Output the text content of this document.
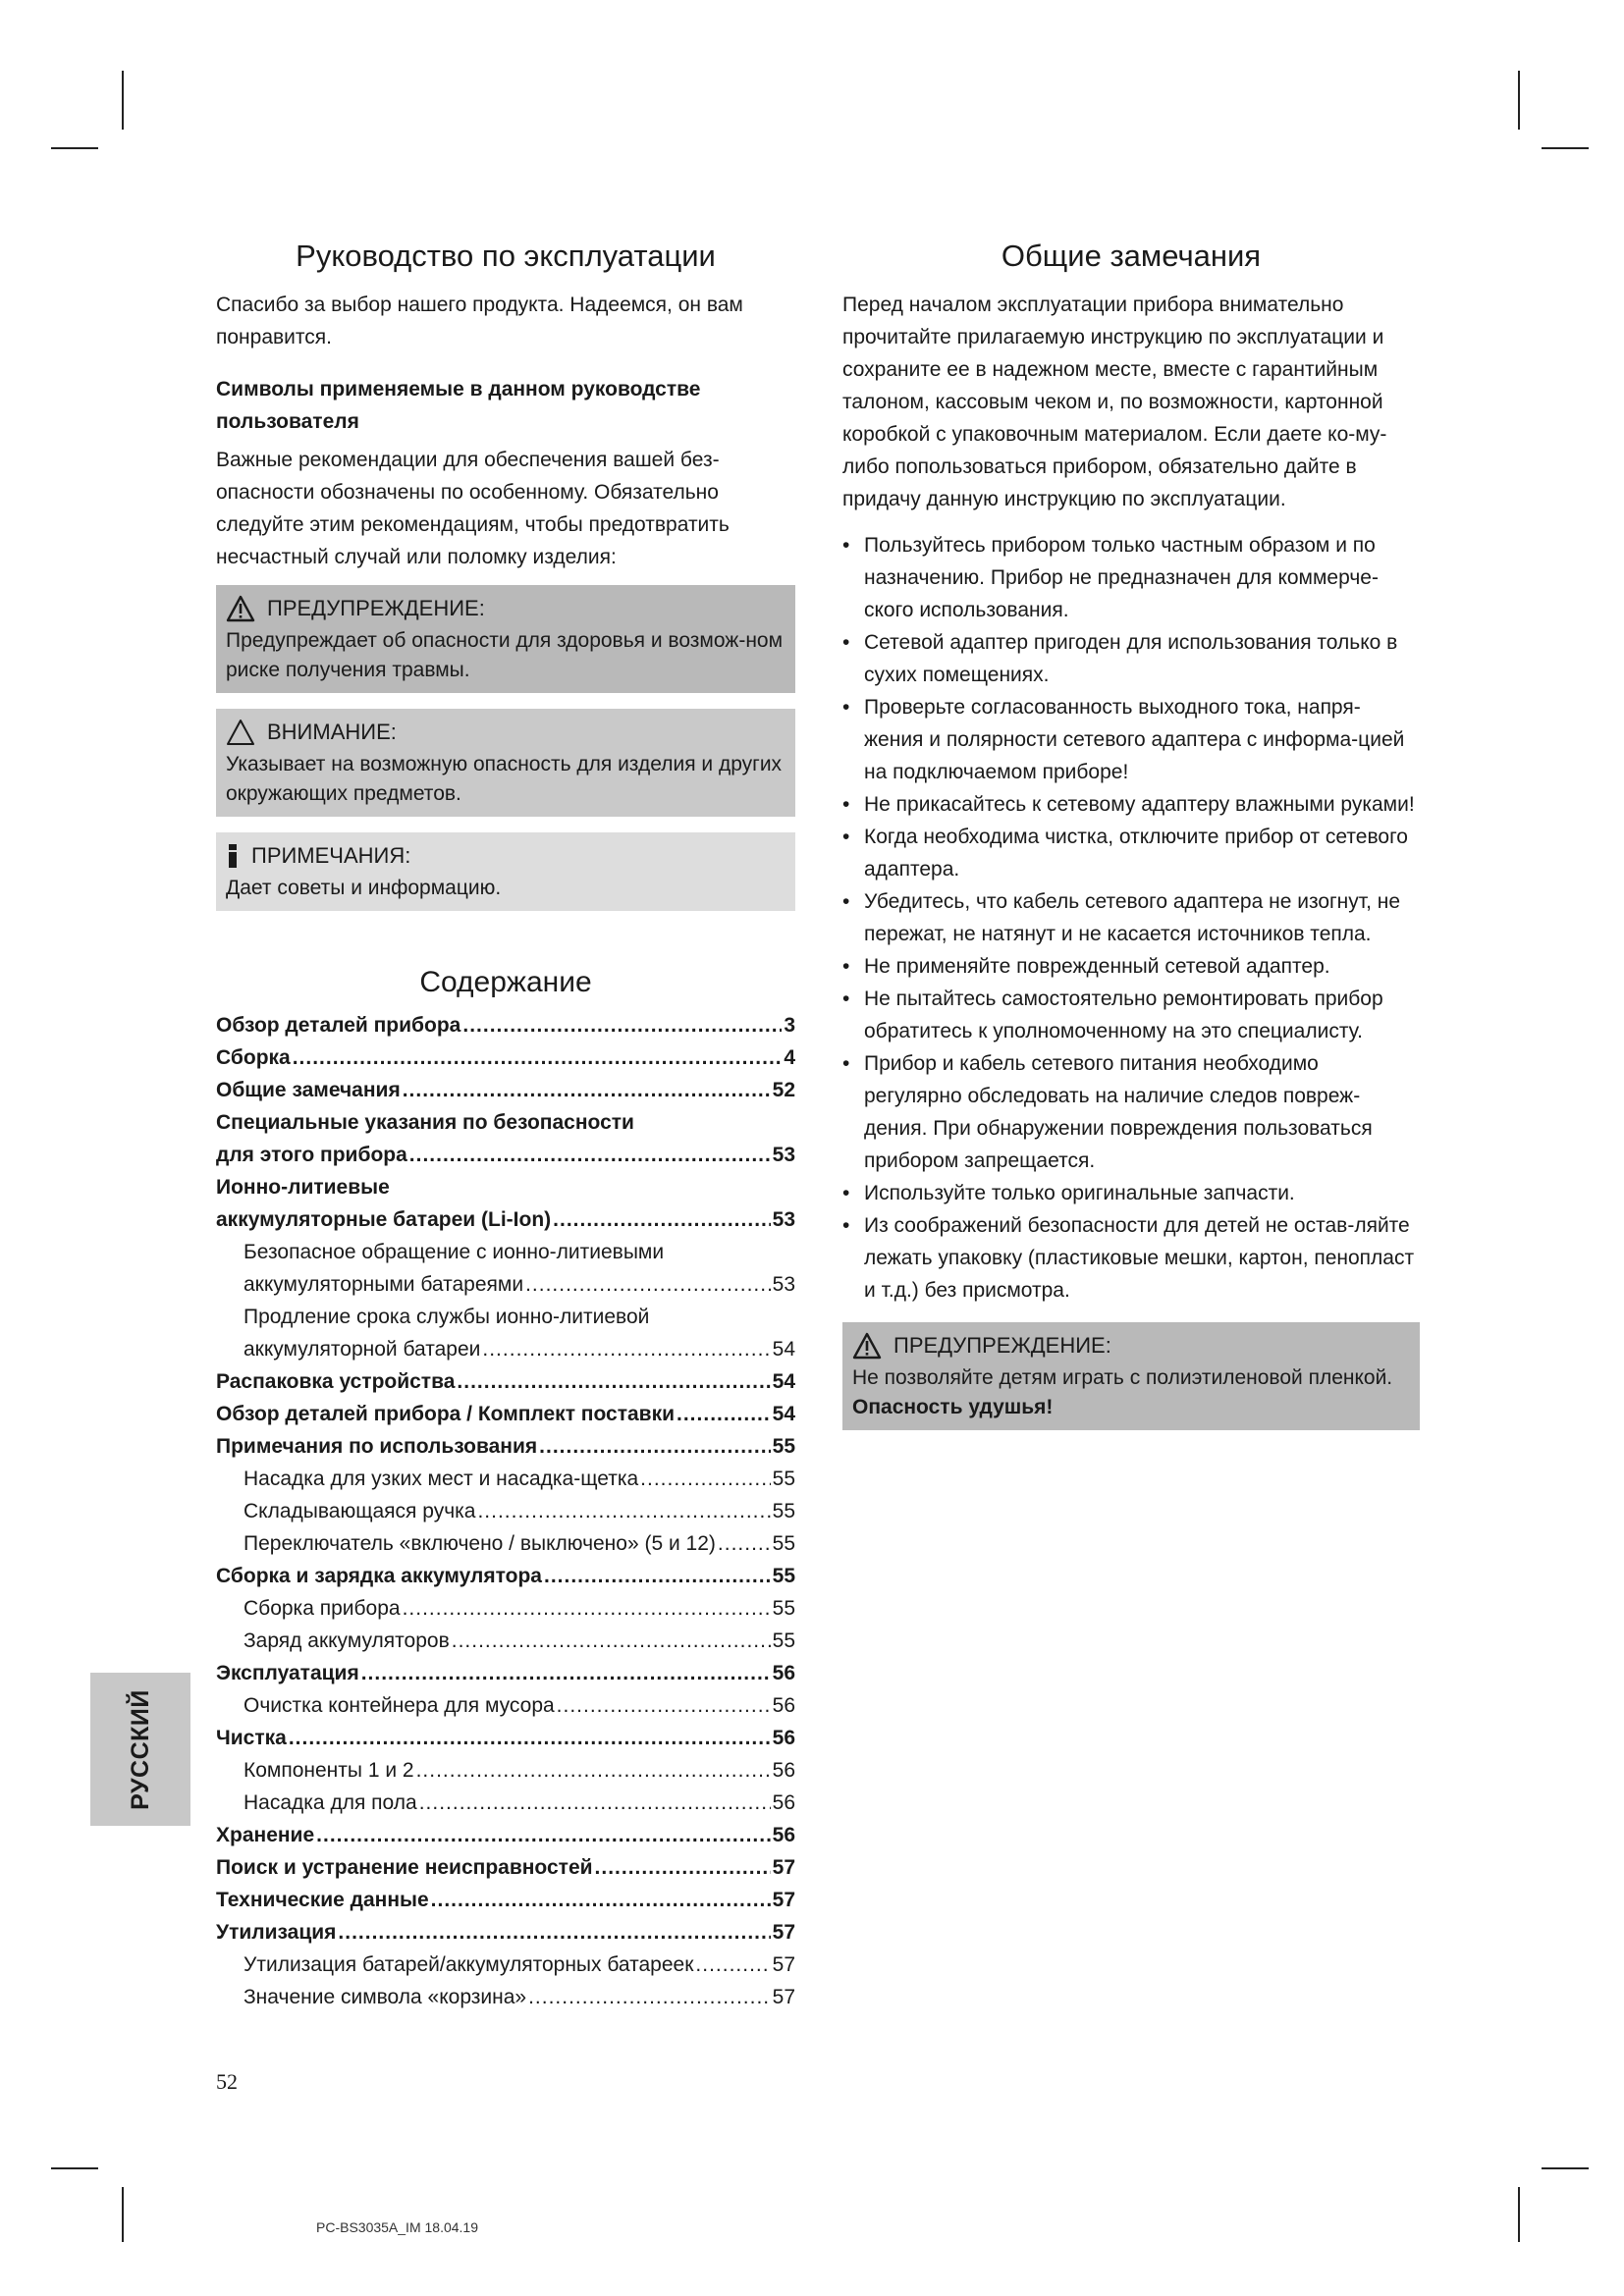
Руководство по эксплуатации

Спасибо за выбор нашего продукта. Надеемся, он вам понравится.

Символы применяемые в данном руководстве пользователя

Важные рекомендации для обеспечения вашей без-опасности обозначены по особенному. Обязательно следуйте этим рекомендациям, чтобы предотвратить несчастный случай или поломку изделия:

ПРЕДУПРЕЖДЕНИЕ:
Предупреждает об опасности для здоровья и возмож-ном риске получения травмы.
ВНИМАНИЕ:
Указывает на возможную опасность для изделия и других окружающих предметов.
ПРИМЕЧАНИЯ:
Дает советы и информацию.
Содержание
Обзор деталей прибора .....	3
Сборка .....	4
Общие замечания .....	52
Специальные указания по безопасности
для этого прибора .....	53
Ионно-литиевые
аккумуляторные батареи (Li-Ion) .....	53
Безопасное обращение с ионно-литиевыми
аккумуляторными батареями .....	53
Продление срока службы ионно-литиевой
аккумуляторной батареи .....	54
Распаковка устройства .....	54
Обзор деталей прибора / Комплект поставки .....	54
Примечания по использования .....	55
Насадка для узких мест и насадка-щетка .....	55
Складывающаяся ручка .....	55
Переключатель «включено / выключено» (5 и 12) .....	55
Сборка и зарядка аккумулятора .....	55
Сборка прибора .....	55
Заряд аккумуляторов .....	55
Эксплуатация .....	56
Очистка контейнера для мусора .....	56
Чистка .....	56
Компоненты 1 и 2 .....	56
Насадка для пола .....	56
Хранение .....	56
Поиск и устранение неисправностей .....	57
Технические данные .....	57
Утилизация .....	57
Утилизация батарей/аккумуляторных батареек .....	57
Значение символа «корзина» .....	57
Общие замечания

Перед началом эксплуатации прибора внимательно прочитайте прилагаемую инструкцию по эксплуатации и сохраните ее в надежном месте, вместе с гарантийным талоном, кассовым чеком и, по возможности, картонной коробкой с упаковочным материалом. Если даете ко-му-либо попользоваться прибором, обязательно дайте в придачу данную инструкцию по эксплуатации.

• Пользуйтесь прибором только частным образом и по назначению. Прибор не предназначен для коммерче-ского использования.
• Сетевой адаптер пригоден для использования только в сухих помещениях.
• Проверьте согласованность выходного тока, напря-жения и полярности сетевого адаптера с информа-цией на подключаемом приборе!
• Не прикасайтесь к сетевому адаптеру влажными руками!
• Когда необходима чистка, отключите прибор от сетевого адаптера.
• Убедитесь, что кабель сетевого адаптера не изогнут, не пережат, не натянут и не касается источников тепла.
• Не применяйте поврежденный сетевой адаптер.
• Не пытайтесь самостоятельно ремонтировать прибор обратитесь к уполномоченному на это специалисту.
• Прибор и кабель сетевого питания необходимо регулярно обследовать на наличие следов повреж-дения. При обнаружении повреждения пользоваться прибором запрещается.
• Используйте только оригинальные запчасти.
• Из соображений безопасности для детей не остав-ляйте лежать упаковку (пластиковые мешки, картон, пенопласт и т.д.) без присмотра.
ПРЕДУПРЕЖДЕНИЕ:
Не позволяйте детям играть с полиэтиленовой пленкой. Опасность удушья!
РУССКИЙ
52
PC-BS3035A_IM 18.04.19
